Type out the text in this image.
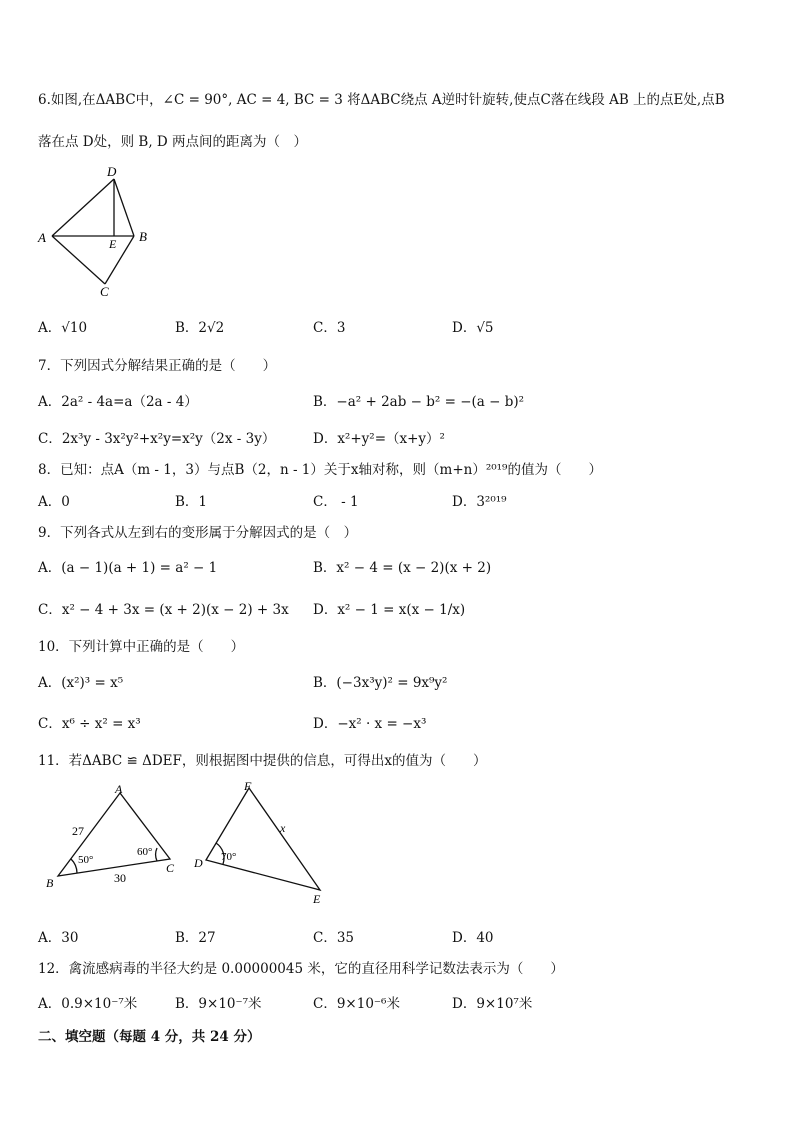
6.如图,在ΔABC中，∠C = 90°, AC = 4, BC = 3 将ΔABC绕点 A逆时针旋转,使点C落在线段 AB 上的点E处,点B
落在点 D处，则 B, D 两点间的距离为（　）
D
A	E B
C
A．√10	B．2√2	C．3	D．√5
7．下列因式分解结果正确的是（　　）
A．2a² - 4a=a（2a - 4）	B．−a² + 2ab − b² = −(a − b)²
C．2x³y - 3x²y²+x²y=x²y（2x - 3y）	D．x²+y²=（x+y）²
8．已知：点A（m - 1，3）与点B（2，n - 1）关于x轴对称，则（m+n）²⁰¹⁹的值为（　　）
A．0	B．1	C． - 1	D．3²⁰¹⁹
9．下列各式从左到右的变形属于分解因式的是（　）
A．(a − 1)(a + 1) = a² − 1	B．x² − 4 = (x − 2)(x + 2)
C．x² − 4 + 3x = (x + 2)(x − 2) + 3x D．x² − 1 = x(x − 1/x)
10．下列计算中正确的是（　　）
A．(x²)³ = x⁵	B．(−3x³y)² = 9x⁹y²
C．x⁶ ÷ x² = x³	D．−x² · x = −x³
11．若ΔABC ≌ ΔDEF，则根据图中提供的信息，可得出x的值为（　　）
A
B
C
27
30
50°
60°
F
D
E
x
70°
A．30	B．27	C．35	D．40
12．禽流感病毒的半径大约是 0.00000045 米，它的直径用科学记数法表示为（　　）
A．0.9×10⁻⁷米	B．9×10⁻⁷米	C．9×10⁻⁶米	D．9×10⁷米
二、填空题（每题 4 分，共 24 分）
